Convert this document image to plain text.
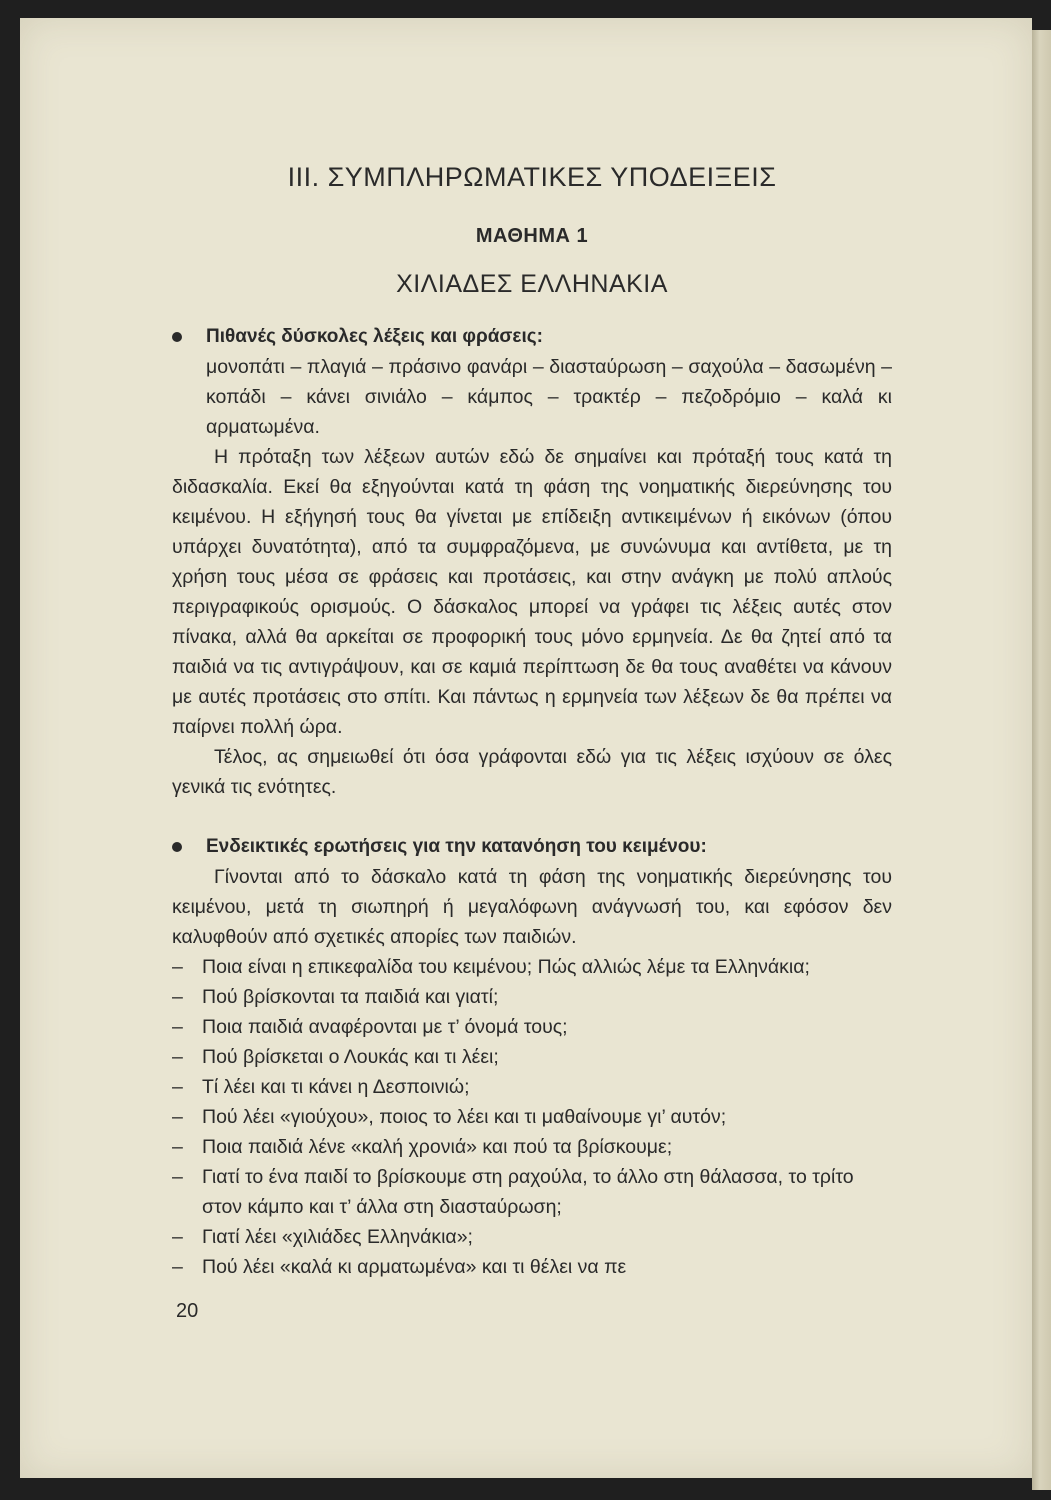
III. ΣΥΜΠΛΗΡΩΜΑΤΙΚΕΣ ΥΠΟΔΕΙΞΕΙΣ
ΜΑΘΗΜΑ 1
ΧΙΛΙΑΔΕΣ ΕΛΛΗΝΑΚΙΑ

Πιθανές δύσκολες λέξεις και φράσεις:

μονοπάτι – πλαγιά – πράσινο φανάρι – διασταύρωση – σαχούλα – δασωμένη – κοπάδι – κάνει σινιάλο – κάμπος – τρακτέρ – πεζοδρόμιο – καλά κι αρματωμένα.

Η πρόταξη των λέξεων αυτών εδώ δε σημαίνει και πρόταξή τους κατά τη διδασκαλία. Εκεί θα εξηγούνται κατά τη φάση της νοηματικής διερεύνησης του κειμένου. Η εξήγησή τους θα γίνεται με επίδειξη αντικειμένων ή εικόνων (όπου υπάρχει δυνατότητα), από τα συμφραζόμενα, με συνώνυμα και αντίθετα, με τη χρήση τους μέσα σε φράσεις και προτάσεις, και στην ανάγκη με πολύ απλούς περιγραφικούς ορισμούς. Ο δάσκαλος μπορεί να γράφει τις λέξεις αυτές στον πίνακα, αλλά θα αρκείται σε προφορική τους μόνο ερμηνεία. Δε θα ζητεί από τα παιδιά να τις αντιγράψουν, και σε καμιά περίπτωση δε θα τους αναθέτει να κάνουν με αυτές προτάσεις στο σπίτι. Και πάντως η ερμηνεία των λέξεων δε θα πρέπει να παίρνει πολλή ώρα.

Τέλος, ας σημειωθεί ότι όσα γράφονται εδώ για τις λέξεις ισχύουν σε όλες γενικά τις ενότητες.

Ενδεικτικές ερωτήσεις για την κατανόηση του κειμένου:

Γίνονται από το δάσκαλο κατά τη φάση της νοηματικής διερεύνησης του κειμένου, μετά τη σιωπηρή ή μεγαλόφωνη ανάγνωσή του, και εφόσον δεν καλυφθούν από σχετικές απορίες των παιδιών.

– Ποια είναι η επικεφαλίδα του κειμένου; Πώς αλλιώς λέμε τα Ελληνάκια;
– Πού βρίσκονται τα παιδιά και γιατί;
– Ποια παιδιά αναφέρονται με τ’ όνομά τους;
– Πού βρίσκεται ο Λουκάς και τι λέει;
– Τί λέει και τι κάνει η Δεσποινιώ;
– Πού λέει «γιούχου», ποιος το λέει και τι μαθαίνουμε γι’ αυτόν;
– Ποια παιδιά λένε «καλή χρονιά» και πού τα βρίσκουμε;
– Γιατί το ένα παιδί το βρίσκουμε στη ραχούλα, το άλλο στη θάλασσα, το τρίτο στον κάμπο και τ’ άλλα στη διασταύρωση;
– Γιατί λέει «χιλιάδες Ελληνάκια»;
– Πού λέει «καλά κι αρματωμένα» και τι θέλει να πε
20
